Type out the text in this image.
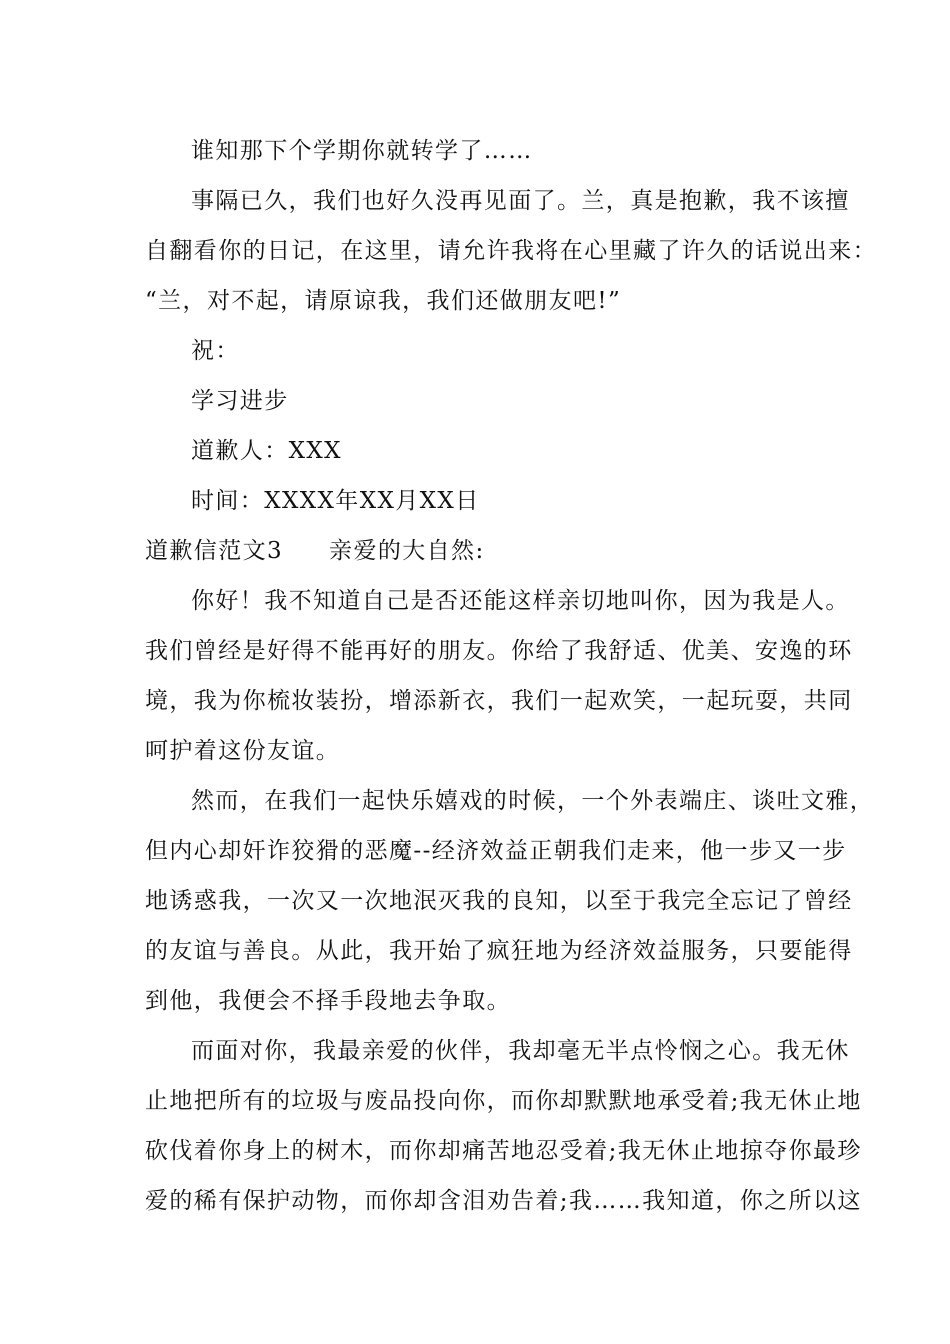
谁知那下个学期你就转学了……
事隔已久，我们也好久没再见面了。兰，真是抱歉，我不该擅
自翻看你的日记，在这里，请允许我将在心里藏了许久的话说出来：
“兰，对不起，请原谅我，我们还做朋友吧!”
祝：
学习进步
道歉人：XXX
时间：XXXX年XX月XX日
道歉信范文3 亲爱的大自然:
你好！我不知道自己是否还能这样亲切地叫你，因为我是人。
我们曾经是好得不能再好的朋友。你给了我舒适、优美、安逸的环
境，我为你梳妆装扮，增添新衣，我们一起欢笑，一起玩耍，共同
呵护着这份友谊。
然而，在我们一起快乐嬉戏的时候，一个外表端庄、谈吐文雅，
但内心却奸诈狡猾的恶魔--经济效益正朝我们走来，他一步又一步
地诱惑我，一次又一次地泯灭我的良知，以至于我完全忘记了曾经
的友谊与善良。从此，我开始了疯狂地为经济效益服务，只要能得
到他，我便会不择手段地去争取。
而面对你，我最亲爱的伙伴，我却毫无半点怜悯之心。我无休
止地把所有的垃圾与废品投向你，而你却默默地承受着;我无休止地
砍伐着你身上的树木，而你却痛苦地忍受着;我无休止地掠夺你最珍
爱的稀有保护动物，而你却含泪劝告着;我……我知道，你之所以这
